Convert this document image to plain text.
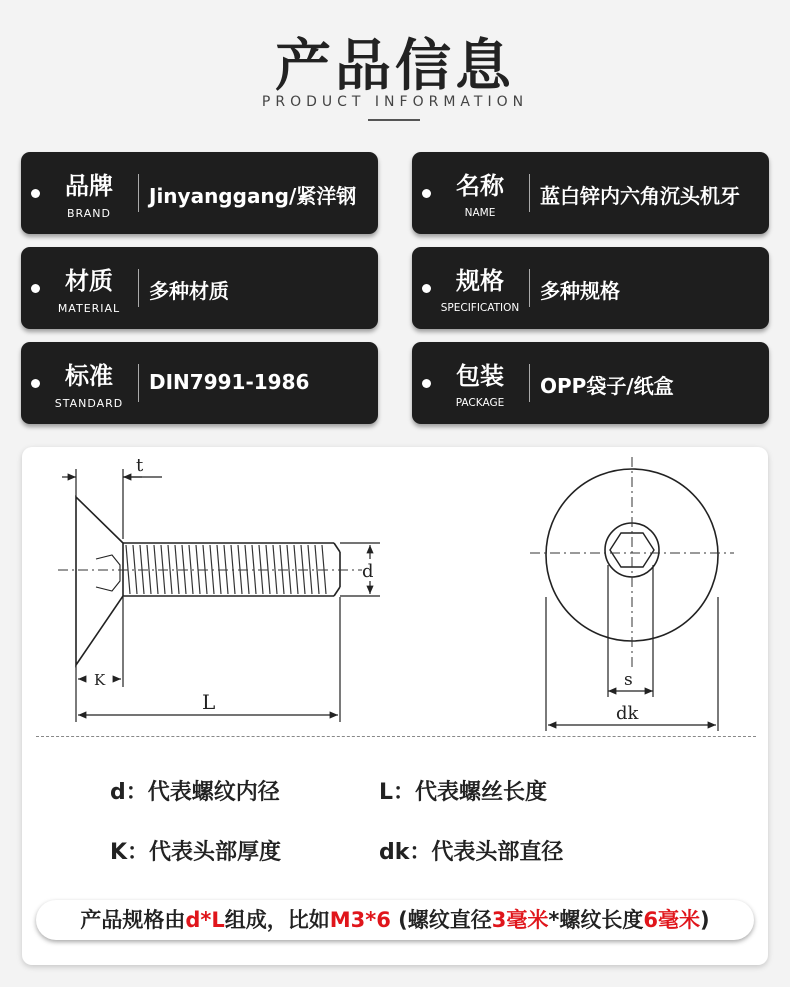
产品信息
PRODUCT INFORMATION
品牌
BRAND
Jinyanggang/紧洋钢	名称
NAME
蓝白锌内六角沉头机牙
材质
MATERIAL
多种材质	规格
SPECIFICATION
多种规格
标准
STANDARD
DIN7991-1986	包装
PACKAGE
OPP袋子/纸盒
t
d
K
L
s
dk
d：代表螺纹内径	L：代表螺丝长度
K：代表头部厚度	dk：代表头部直径
产品规格由d*L组成，比如M3*6 (螺纹直径3毫米*螺纹长度6毫米)
